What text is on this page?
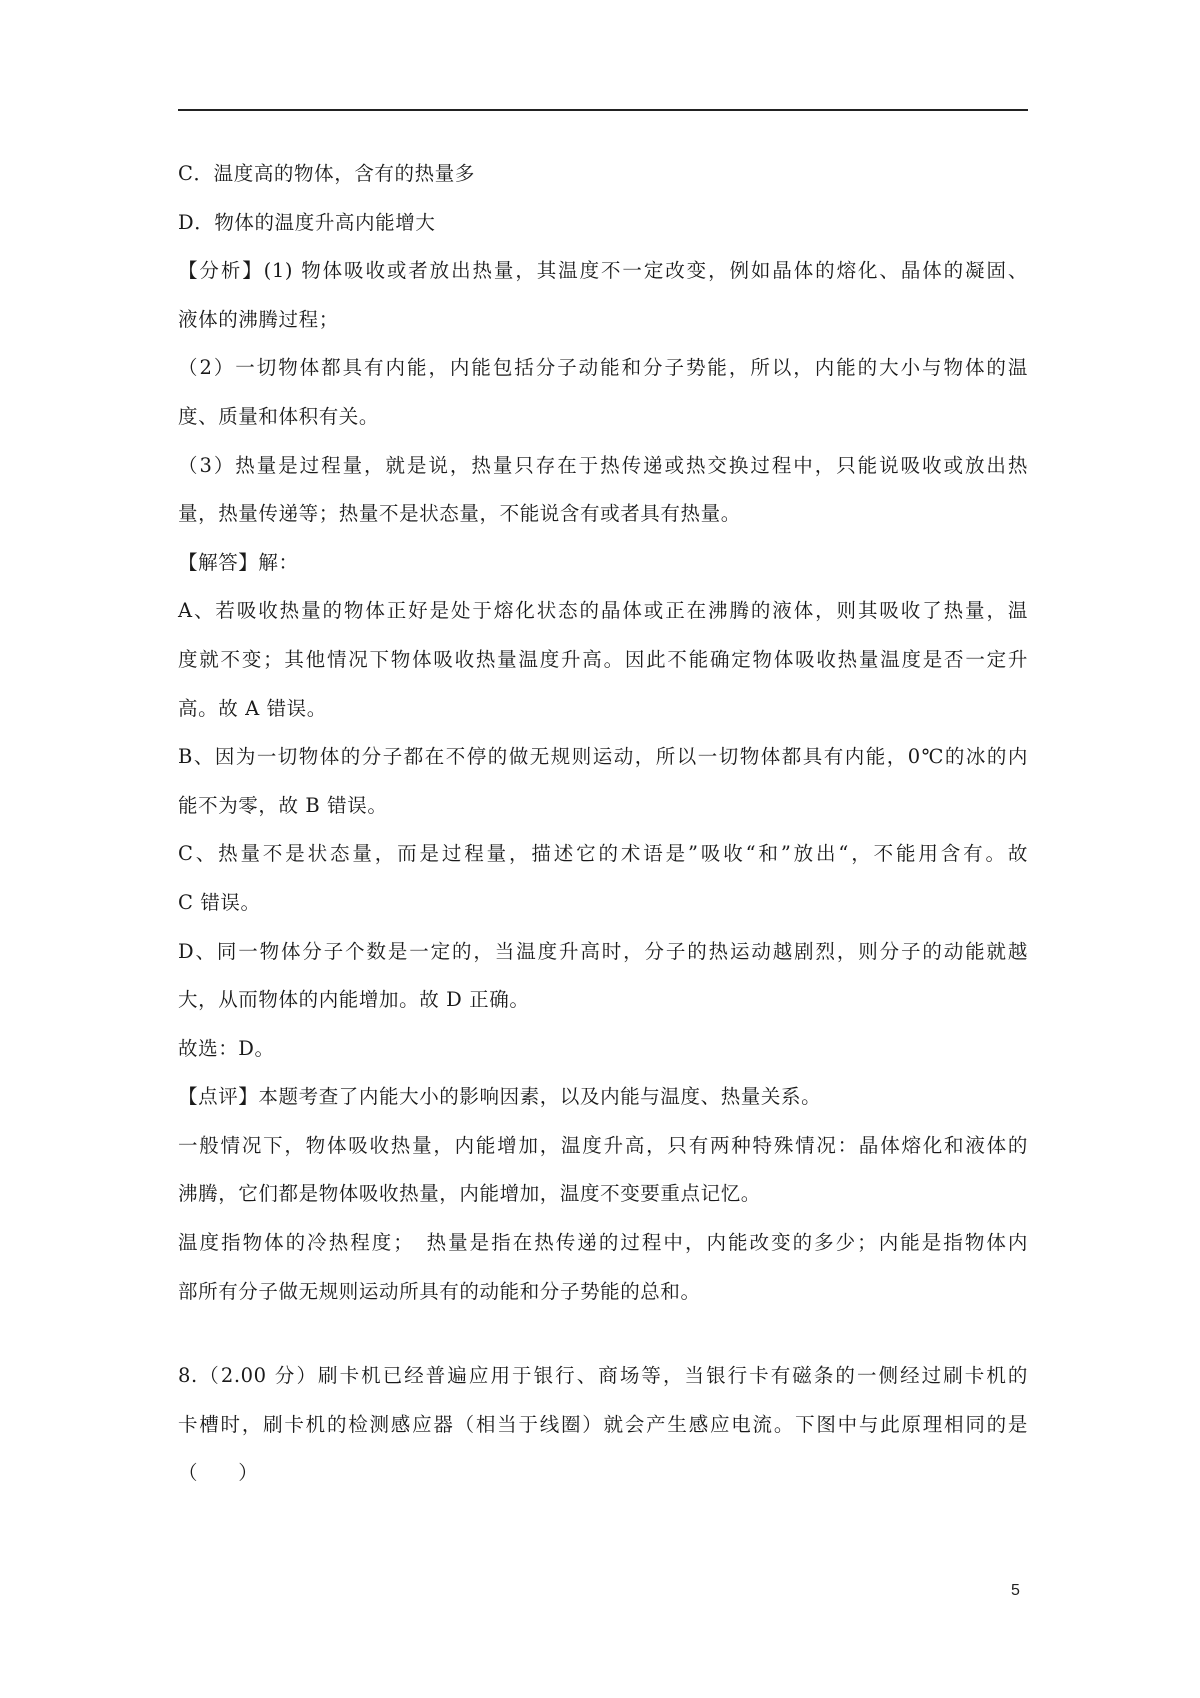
C．温度高的物体，含有的热量多
D．物体的温度升高内能增大
【分析】(1) 物体吸收或者放出热量，其温度不一定改变，例如晶体的熔化、晶体的凝固、
液体的沸腾过程；
（2）一切物体都具有内能，内能包括分子动能和分子势能，所以，内能的大小与物体的温
度、质量和体积有关。
（3）热量是过程量，就是说，热量只存在于热传递或热交换过程中，只能说吸收或放出热
量，热量传递等；热量不是状态量，不能说含有或者具有热量。
【解答】解：
A、若吸收热量的物体正好是处于熔化状态的晶体或正在沸腾的液体，则其吸收了热量，温
度就不变；其他情况下物体吸收热量温度升高。因此不能确定物体吸收热量温度是否一定升
高。故 A 错误。
B、因为一切物体的分子都在不停的做无规则运动，所以一切物体都具有内能，0℃的冰的内
能不为零，故 B 错误。
C、热量不是状态量，而是过程量，描述它的术语是”吸收“和”放出“，不能用含有。故
C 错误。
D、同一物体分子个数是一定的，当温度升高时，分子的热运动越剧烈，则分子的动能就越
大，从而物体的内能增加。故 D 正确。
故选：D。
【点评】本题考查了内能大小的影响因素，以及内能与温度、热量关系。
一般情况下，物体吸收热量，内能增加，温度升高，只有两种特殊情况：晶体熔化和液体的
沸腾，它们都是物体吸收热量，内能增加，温度不变要重点记忆。
温度指物体的冷热程度；　热量是指在热传递的过程中，内能改变的多少；内能是指物体内
部所有分子做无规则运动所具有的动能和分子势能的总和。
8.（2.00 分）刷卡机已经普遍应用于银行、商场等，当银行卡有磁条的一侧经过刷卡机的
卡槽时，刷卡机的检测感应器（相当于线圈）就会产生感应电流。下图中与此原理相同的是
（　　）
5
